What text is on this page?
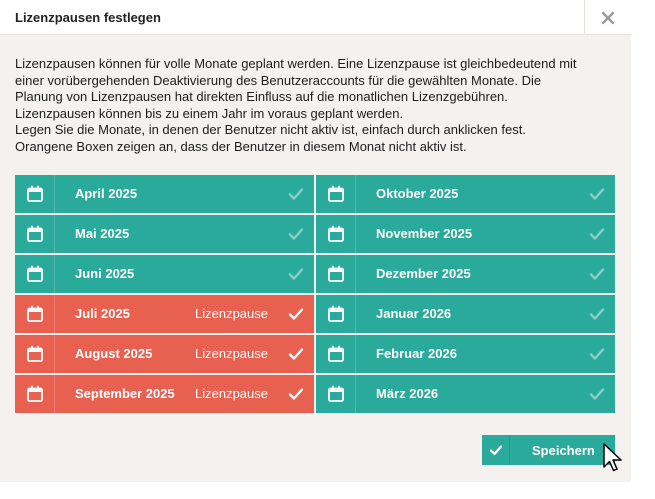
Lizenzpausen festlegen

Lizenzpausen können für volle Monate geplant werden. Eine Lizenzpause ist gleichbedeutend mit

einer vorübergehenden Deaktivierung des Benutzeraccounts für die gewählten Monate. Die

Planung von Lizenzpausen hat direkten Einfluss auf die monatlichen Lizenzgebühren.

Lizenzpausen können bis zu einem Jahr im voraus geplant werden.

Legen Sie die Monate, in denen der Benutzer nicht aktiv ist, einfach durch anklicken fest.

Orangene Boxen zeigen an, dass der Benutzer in diesem Monat nicht aktiv ist.

April 2025	Oktober 2025
Mai 2025	November 2025
Juni 2025	Dezember 2025
Juli 2025	Lizenzpause	Januar 2026
August 2025	Lizenzpause	Februar 2026
September 2025 Lizenzpause	März 2026
Speichern
